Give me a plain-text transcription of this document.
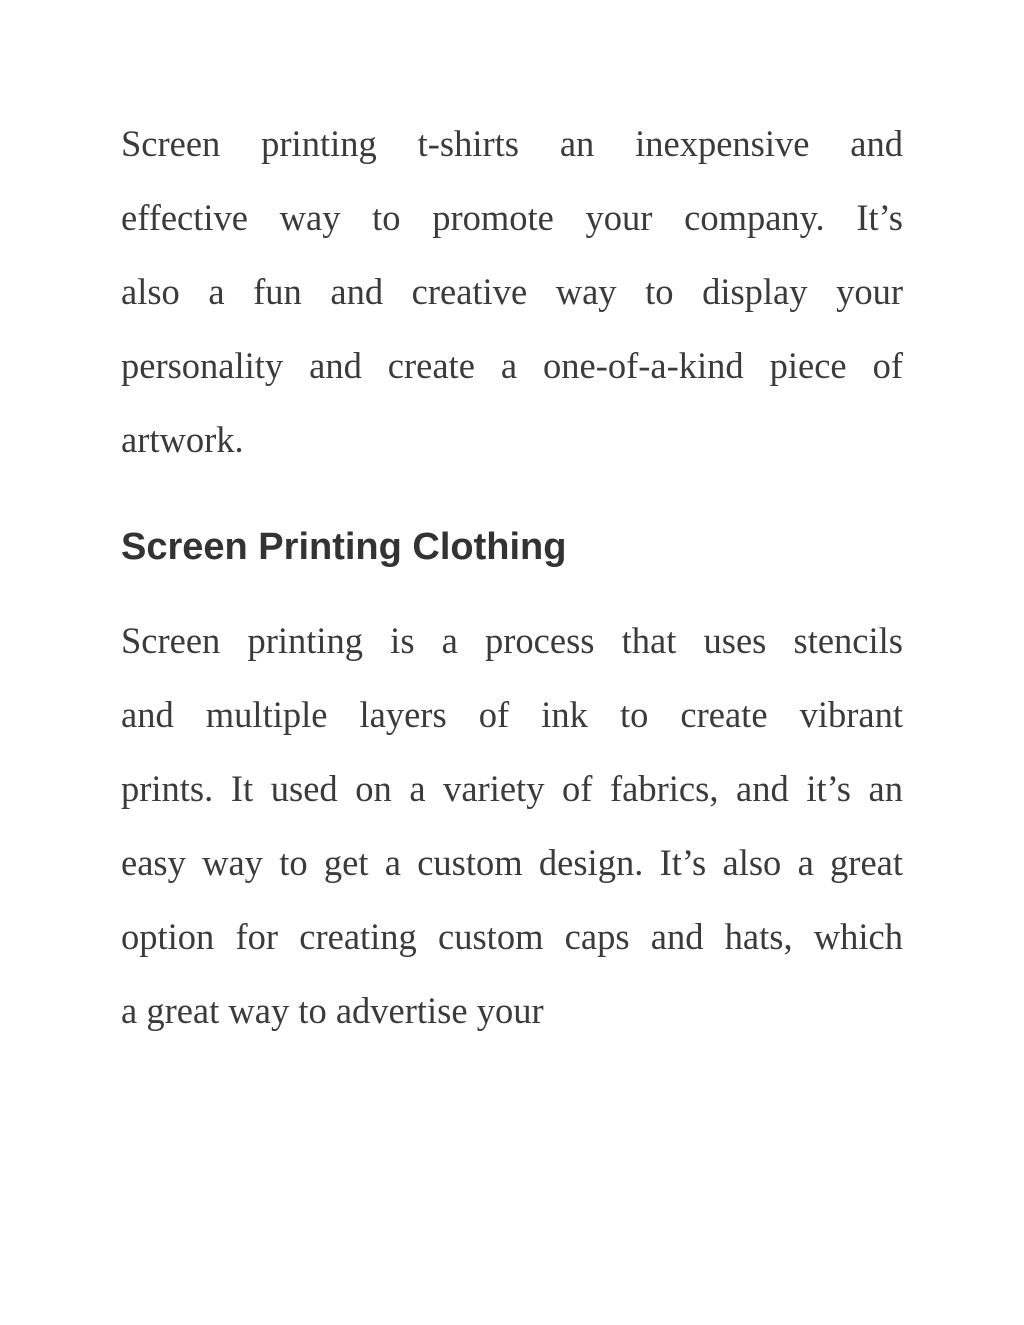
Screen printing t-shirts an inexpensive and

effective way to promote your company. It’s

also a fun and creative way to display your

personality and create a one-of-a-kind piece of

artwork.

Screen Printing Clothing

Screen printing is a process that uses stencils

and multiple layers of ink to create vibrant

prints. It used on a variety of fabrics, and it’s an

easy way to get a custom design. It’s also a great

option for creating custom caps and hats, which

a great way to advertise your
